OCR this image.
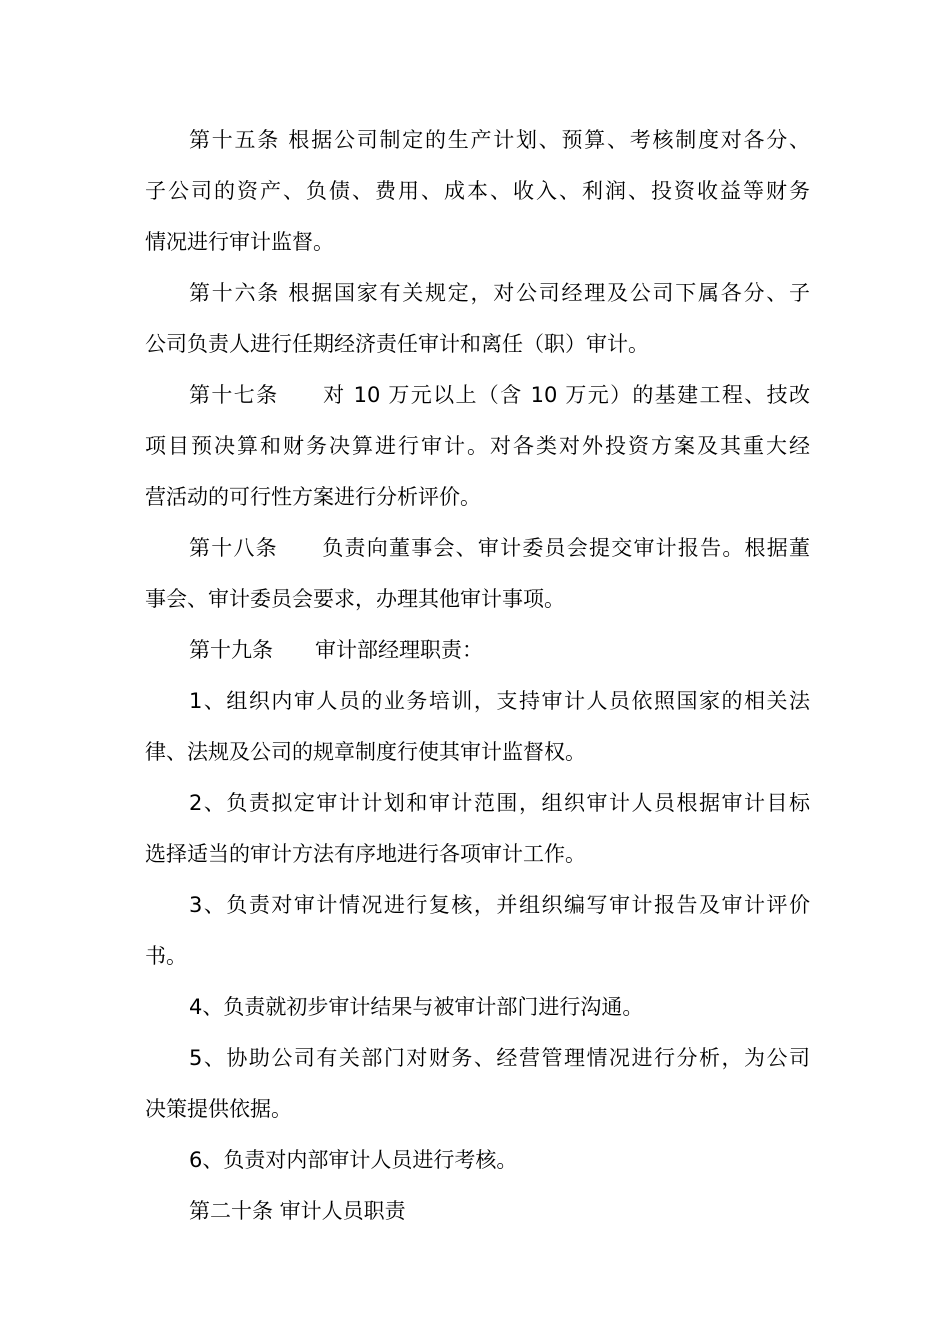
第十五条 根据公司制定的生产计划、预算、考核制度对各分、
子公司的资产、负债、费用、成本、收入、利润、投资收益等财务
情况进行审计监督。
第十六条 根据国家有关规定，对公司经理及公司下属各分、子
公司负责人进行任期经济责任审计和离任（职）审计。
第十七条　　对 10 万元以上（含 10 万元）的基建工程、技改
项目预决算和财务决算进行审计。对各类对外投资方案及其重大经
营活动的可行性方案进行分析评价。
第十八条　　负责向董事会、审计委员会提交审计报告。根据董
事会、审计委员会要求，办理其他审计事项。
第十九条　　审计部经理职责：
1、组织内审人员的业务培训，支持审计人员依照国家的相关法
律、法规及公司的规章制度行使其审计监督权。
2、负责拟定审计计划和审计范围，组织审计人员根据审计目标
选择适当的审计方法有序地进行各项审计工作。
3、负责对审计情况进行复核，并组织编写审计报告及审计评价
书。
4、负责就初步审计结果与被审计部门进行沟通。
5、协助公司有关部门对财务、经营管理情况进行分析，为公司
决策提供依据。
6、负责对内部审计人员进行考核。
第二十条 审计人员职责
